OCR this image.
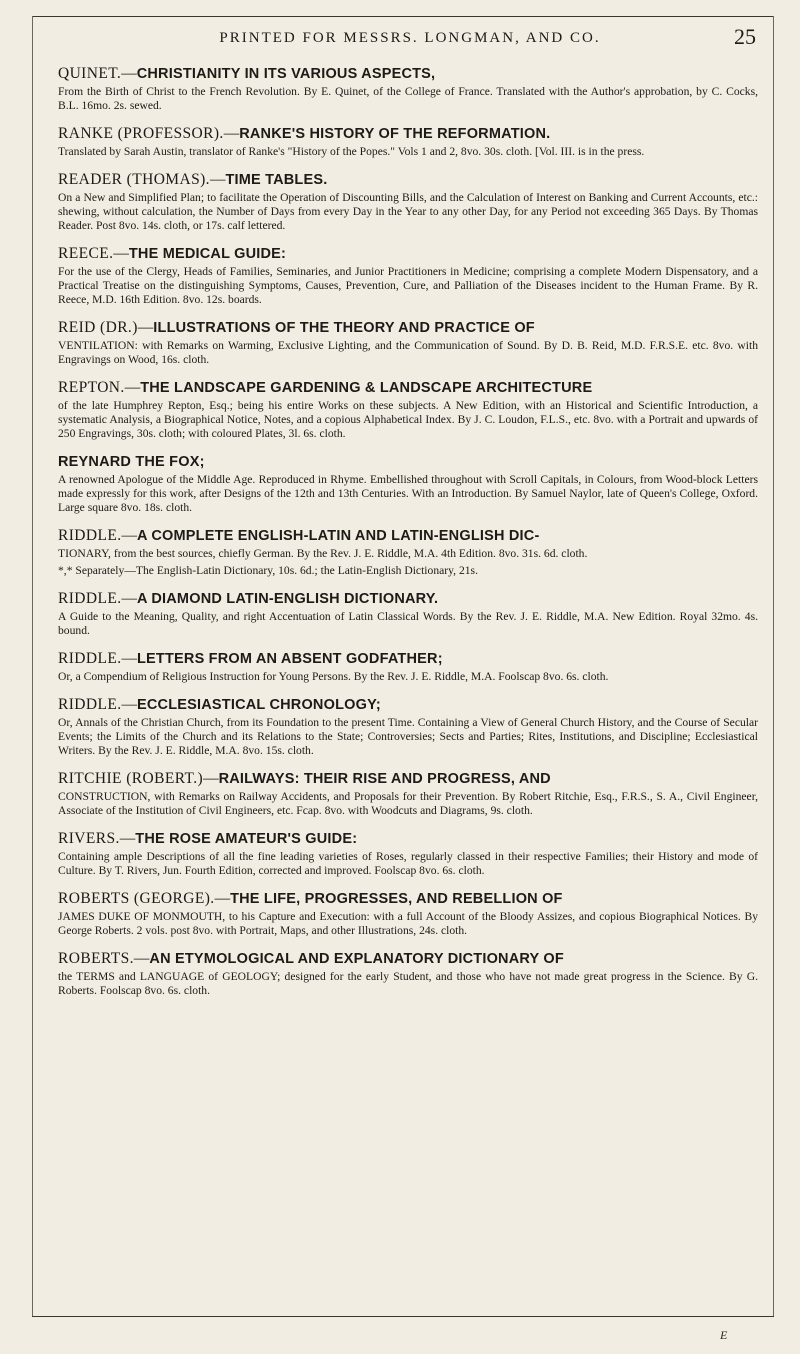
PRINTED FOR MESSRS. LONGMAN, AND CO.	25
QUINET.—CHRISTIANITY IN ITS VARIOUS ASPECTS,
From the Birth of Christ to the French Revolution. By E. Quinet, of the College of France. Translated with the Author's approbation, by C. Cocks, B.L. 16mo. 2s. sewed.
RANKE (PROFESSOR).—RANKE'S HISTORY OF THE REFORMATION.
Translated by Sarah Austin, translator of Ranke's "History of the Popes." Vols 1 and 2, 8vo. 30s. cloth. [Vol. III. is in the press.
READER (THOMAS).—TIME TABLES.
On a New and Simplified Plan; to facilitate the Operation of Discounting Bills, and the Calculation of Interest on Banking and Current Accounts, etc.: shewing, without calculation, the Number of Days from every Day in the Year to any other Day, for any Period not exceeding 365 Days. By Thomas Reader. Post 8vo. 14s. cloth, or 17s. calf lettered.
REECE.—THE MEDICAL GUIDE:
For the use of the Clergy, Heads of Families, Seminaries, and Junior Practitioners in Medicine; comprising a complete Modern Dispensatory, and a Practical Treatise on the distinguishing Symptoms, Causes, Prevention, Cure, and Palliation of the Diseases incident to the Human Frame. By R. Reece, M.D. 16th Edition. 8vo. 12s. boards.
REID (DR.)—ILLUSTRATIONS OF THE THEORY AND PRACTICE OF
VENTILATION: with Remarks on Warming, Exclusive Lighting, and the Communication of Sound. By D. B. Reid, M.D. F.R.S.E. etc. 8vo. with Engravings on Wood, 16s. cloth.
REPTON.—THE LANDSCAPE GARDENING & LANDSCAPE ARCHITECTURE
of the late Humphrey Repton, Esq.; being his entire Works on these subjects. A New Edition, with an Historical and Scientific Introduction, a systematic Analysis, a Biographical Notice, Notes, and a copious Alphabetical Index. By J. C. Loudon, F.L.S., etc. 8vo. with a Portrait and upwards of 250 Engravings, 30s. cloth; with coloured Plates, 3l. 6s. cloth.
REYNARD THE FOX;
A renowned Apologue of the Middle Age. Reproduced in Rhyme. Embellished throughout with Scroll Capitals, in Colours, from Wood-block Letters made expressly for this work, after Designs of the 12th and 13th Centuries. With an Introduction. By Samuel Naylor, late of Queen's College, Oxford. Large square 8vo. 18s. cloth.
RIDDLE.—A COMPLETE ENGLISH-LATIN AND LATIN-ENGLISH DIC-
TIONARY, from the best sources, chiefly German. By the Rev. J. E. Riddle, M.A. 4th Edition. 8vo. 31s. 6d. cloth.
*,* Separately—The English-Latin Dictionary, 10s. 6d.; the Latin-English Dictionary, 21s.
RIDDLE.—A DIAMOND LATIN-ENGLISH DICTIONARY.
A Guide to the Meaning, Quality, and right Accentuation of Latin Classical Words. By the Rev. J. E. Riddle, M.A. New Edition. Royal 32mo. 4s. bound.
RIDDLE.—LETTERS FROM AN ABSENT GODFATHER;
Or, a Compendium of Religious Instruction for Young Persons. By the Rev. J. E. Riddle, M.A. Foolscap 8vo. 6s. cloth.
RIDDLE.—ECCLESIASTICAL CHRONOLOGY;
Or, Annals of the Christian Church, from its Foundation to the present Time. Containing a View of General Church History, and the Course of Secular Events; the Limits of the Church and its Relations to the State; Controversies; Sects and Parties; Rites, Institutions, and Discipline; Ecclesiastical Writers. By the Rev. J. E. Riddle, M.A. 8vo. 15s. cloth.
RITCHIE (ROBERT.)—RAILWAYS: THEIR RISE AND PROGRESS, AND
CONSTRUCTION, with Remarks on Railway Accidents, and Proposals for their Prevention. By Robert Ritchie, Esq., F.R.S., S. A., Civil Engineer, Associate of the Institution of Civil Engineers, etc. Fcap. 8vo. with Woodcuts and Diagrams, 9s. cloth.
RIVERS.—THE ROSE AMATEUR'S GUIDE:
Containing ample Descriptions of all the fine leading varieties of Roses, regularly classed in their respective Families; their History and mode of Culture. By T. Rivers, Jun. Fourth Edition, corrected and improved. Foolscap 8vo. 6s. cloth.
ROBERTS (GEORGE).—THE LIFE, PROGRESSES, AND REBELLION OF
JAMES DUKE OF MONMOUTH, to his Capture and Execution: with a full Account of the Bloody Assizes, and copious Biographical Notices. By George Roberts. 2 vols. post 8vo. with Portrait, Maps, and other Illustrations, 24s. cloth.
ROBERTS.—AN ETYMOLOGICAL AND EXPLANATORY DICTIONARY OF
the TERMS and LANGUAGE of GEOLOGY; designed for the early Student, and those who have not made great progress in the Science. By G. Roberts. Foolscap 8vo. 6s. cloth.
E
